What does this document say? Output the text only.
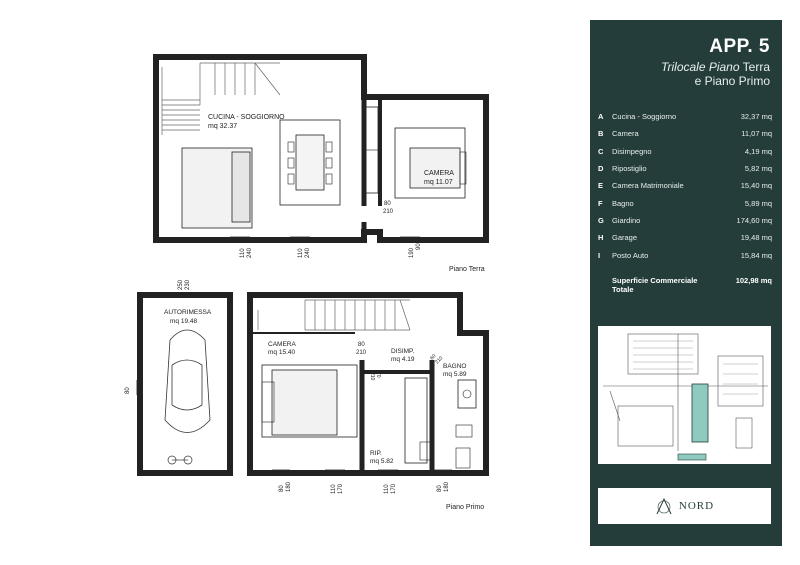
CUCINA - SOGGIORNO
mq 32.37
CAMERA
mq 11.07
80
210
110 240	110 240	190
90
Piano Terra
250 230
AUTORIMESSA
mq 19.48
80
CAMERA
mq 15.40
80
210	DISIMP.
mq 4.19	60
210
BAGNO
mq 5.89
70
210
RIP.
mq 5.82
80 180	110 170	110 170	80 180
Piano Primo
APP. 5
Trilocale Piano Terra
e Piano Primo
A	Cucina - Soggiorno	32,37 mq
B	Camera	11,07 mq
C	Disimpegno	4,19 mq
D	Ripostiglio	5,82 mq
E	Camera Matrimoniale	15,40 mq
F	Bagno	5,89 mq
G	Giardino	174,60 mq
H	Garage	19,48 mq
I	Posto Auto	15,84 mq
Superficie Commerciale
Totale
102,98 mq
NORD
